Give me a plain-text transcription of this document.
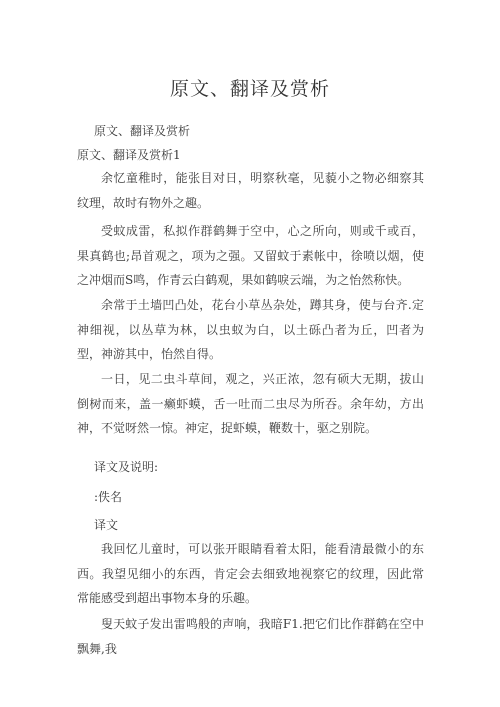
原文、翻译及赏析
原文、翻译及赏析
原文、翻译及赏析1

余忆童稚时，能张目对日，明察秋毫，见藐小之物必细察其纹理，故时有物外之趣。

受蚊成雷，私拟作群鹤舞于空中，心之所向，则或千或百，果真鹤也;昂首观之，项为之强。又留蚊于素帐中，徐喷以烟，使之冲烟而S鸣，作青云白鹤观，果如鹤唳云端，为之怡然称快。

余常于土墙凹凸处，花台小草丛杂处，蹲其身，使与台齐.定神细视，以丛草为林，以虫蚁为白，以土砾凸者为丘，凹者为型，神游其中，怡然自得。

一日，见二虫斗草间，观之，兴正浓，忽有硕大无期，拔山倒树而来，盖一癞虾蟆，舌一吐而二虫尽为所吞。余年幼，方出神，不觉呀然一惊。神定，捉虾蟆，鞭数十，驱之别院。

译文及说明:
:佚名
译文

我回忆儿童时，可以张开眼睛看着太阳，能看清最微小的东西。我望见细小的东西，肯定会去细致地视察它的纹理，因此常常能感受到超出事物本身的乐趣。

叟天蚊子发出雷鸣般的声响，我暗F1.把它们比作群鹤在空中飘舞,我
